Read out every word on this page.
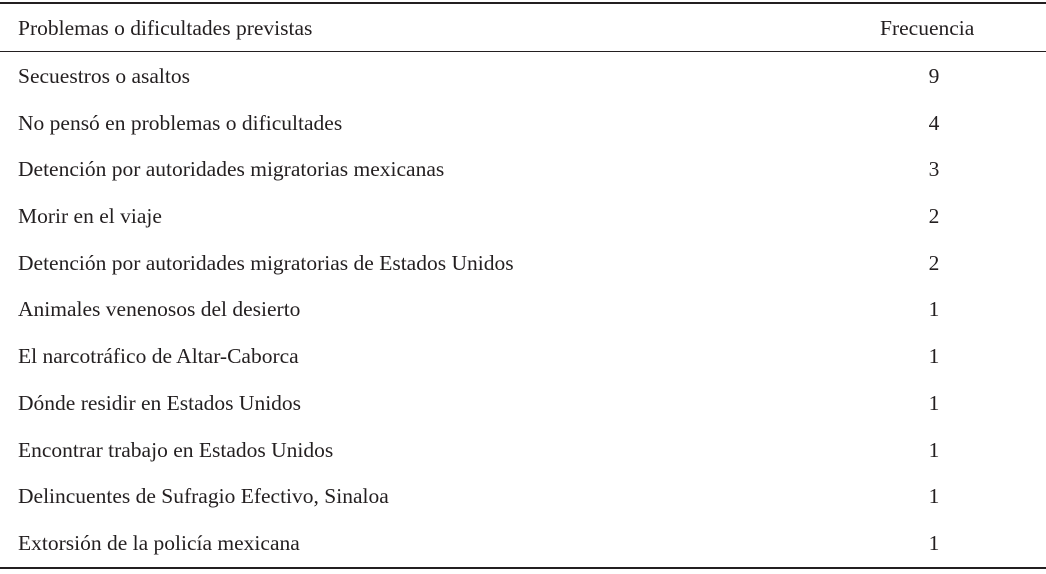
Problemas o dificultades previstas	Frecuencia
Secuestros o asaltos	9
No pensó en problemas o dificultades	4
Detención por autoridades migratorias mexicanas	3
Morir en el viaje	2
Detención por autoridades migratorias de Estados Unidos	2
Animales venenosos del desierto	1
El narcotráfico de Altar-Caborca	1
Dónde residir en Estados Unidos	1
Encontrar trabajo en Estados Unidos	1
Delincuentes de Sufragio Efectivo, Sinaloa	1
Extorsión de la policía mexicana	1
